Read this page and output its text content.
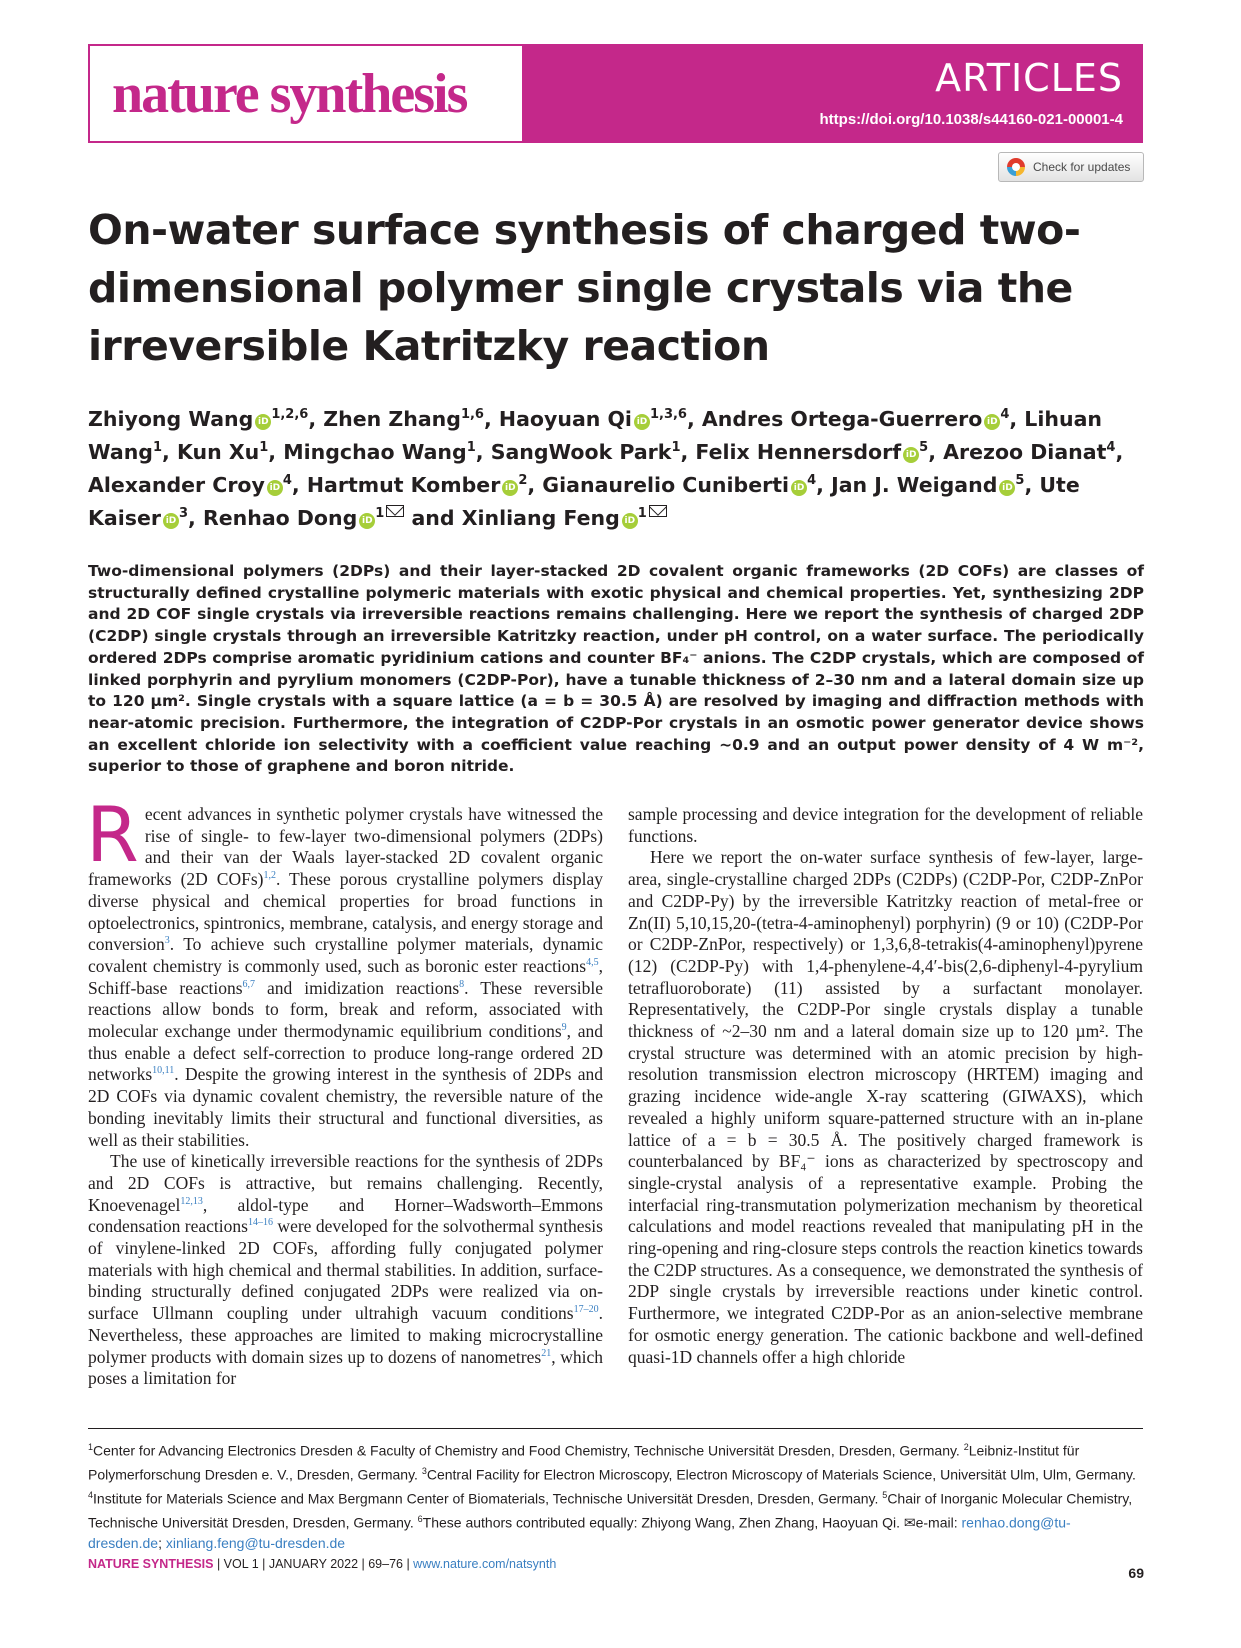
nature synthesis	ARTICLES
https://doi.org/10.1038/s44160-021-00001-4
Check for updates
On-water surface synthesis of charged two-dimensional polymer single crystals via the irreversible Katritzky reaction
Zhiyong Wang iD $^{1,2,6}$, Zhen Zhang$^{1,6}$, Haoyuan Qi iD $^{1,3,6}$, Andres Ortega-Guerrero iD $^4$, Lihuan Wang$^1$, Kun Xu$^1$, Mingchao Wang$^1$, SangWook Park$^1$, Felix Hennersdorf iD $^5$, Arezoo Dianat$^4$, Alexander Croy iD $^4$, Hartmut Komber iD $^2$, Gianaurelio Cuniberti iD $^4$, Jan J. Weigand iD $^5$, Ute Kaiser iD $^3$, Renhao Dong iD $^1$ and Xinliang Feng iD $^1$

Two-dimensional polymers (2DPs) and their layer-stacked 2D covalent organic frameworks (2D COFs) are classes of structurally defined crystalline polymeric materials with exotic physical and chemical properties. Yet, synthesizing 2DP and 2D COF single crystals via irreversible reactions remains challenging. Here we report the synthesis of charged 2DP (C2DP) single crystals through an irreversible Katritzky reaction, under pH control, on a water surface. The periodically ordered 2DPs comprise aromatic pyridinium cations and counter BF₄⁻ anions. The C2DP crystals, which are composed of linked porphyrin and pyrylium monomers (C2DP-Por), have a tunable thickness of 2–30 nm and a lateral domain size up to 120 µm². Single crystals with a square lattice (a = b = 30.5 Å) are resolved by imaging and diffraction methods with near-atomic precision. Furthermore, the integration of C2DP-Por crystals in an osmotic power generator device shows an excellent chloride ion selectivity with a coefficient value reaching ~0.9 and an output power density of 4 W m⁻², superior to those of graphene and boron nitride.

Recent advances in synthetic polymer crystals have witnessed the rise of single- to few-layer two-dimensional polymers (2DPs) and their van der Waals layer-stacked 2D covalent organic frameworks (2D COFs)$^{1,2}$. These porous crystalline polymers display diverse physical and chemical properties for broad functions in optoelectronics, spintronics, membrane, catalysis, and energy storage and conversion$^3$. To achieve such crystalline polymer materials, dynamic covalent chemistry is commonly used, such as boronic ester reactions$^{4,5}$, Schiff-base reactions$^{6,7}$ and imidization reactions$^8$. These reversible reactions allow bonds to form, break and reform, associated with molecular exchange under thermodynamic equilibrium conditions$^9$, and thus enable a defect self-correction to produce long-range ordered 2D networks$^{10,11}$. Despite the growing interest in the synthesis of 2DPs and 2D COFs via dynamic covalent chemistry, the reversible nature of the bonding inevitably limits their structural and functional diversities, as well as their stabilities.

The use of kinetically irreversible reactions for the synthesis of 2DPs and 2D COFs is attractive, but remains challenging. Recently, Knoevenagel$^{12,13}$, aldol-type and Horner–Wadsworth–Emmons condensation reactions$^{14-16}$ were developed for the solvothermal synthesis of vinylene-linked 2D COFs, affording fully conjugated polymer materials with high chemical and thermal stabilities. In addition, surface-binding structurally defined conjugated 2DPs were realized via on-surface Ullmann coupling under ultrahigh vacuum conditions$^{17-20}$. Nevertheless, these approaches are limited to making microcrystalline polymer products with domain sizes up to dozens of nanometres$^{21}$, which poses a limitation for

sample processing and device integration for the development of reliable functions.

Here we report the on-water surface synthesis of few-layer, large-area, single-crystalline charged 2DPs (C2DPs) (C2DP-Por, C2DP-ZnPor and C2DP-Py) by the irreversible Katritzky reaction of metal-free or Zn(II) 5,10,15,20-(tetra-4-aminophenyl) porphyrin) (9 or 10) (C2DP-Por or C2DP-ZnPor, respectively) or 1,3,6,8-tetrakis(4-aminophenyl)pyrene (12) (C2DP-Py) with 1,4-phenylene-4,4′-bis(2,6-diphenyl-4-pyrylium tetrafluoroborate) (11) assisted by a surfactant monolayer. Representatively, the C2DP-Por single crystals display a tunable thickness of ~2–30 nm and a lateral domain size up to 120 µm². The crystal structure was determined with an atomic precision by high-resolution transmission electron microscopy (HRTEM) imaging and grazing incidence wide-angle X-ray scattering (GIWAXS), which revealed a highly uniform square-patterned structure with an in-plane lattice of a = b = 30.5 Å. The positively charged framework is counterbalanced by BF₄⁻ ions as characterized by spectroscopy and single-crystal analysis of a representative example. Probing the interfacial ring-transmutation polymerization mechanism by theoretical calculations and model reactions revealed that manipulating pH in the ring-opening and ring-closure steps controls the reaction kinetics towards the C2DP structures. As a consequence, we demonstrated the synthesis of 2DP single crystals by irreversible reactions under kinetic control. Furthermore, we integrated C2DP-Por as an anion-selective membrane for osmotic energy generation. The cationic backbone and well-defined quasi-1D channels offer a high chloride

$^1$Center for Advancing Electronics Dresden & Faculty of Chemistry and Food Chemistry, Technische Universität Dresden, Dresden, Germany. $^2$Leibniz-Institut für Polymerforschung Dresden e. V., Dresden, Germany. $^3$Central Facility for Electron Microscopy, Electron Microscopy of Materials Science, Universität Ulm, Ulm, Germany. $^4$Institute for Materials Science and Max Bergmann Center of Biomaterials, Technische Universität Dresden, Dresden, Germany. $^5$Chair of Inorganic Molecular Chemistry, Technische Universität Dresden, Dresden, Germany. $^6$These authors contributed equally: Zhiyong Wang, Zhen Zhang, Haoyuan Qi. ✉e-mail: renhao.dong@tu-dresden.de; xinliang.feng@tu-dresden.de
NATURE SYNTHESIS | VOL 1 | JANUARY 2022 | 69–76 | www.nature.com/natsynth
69
